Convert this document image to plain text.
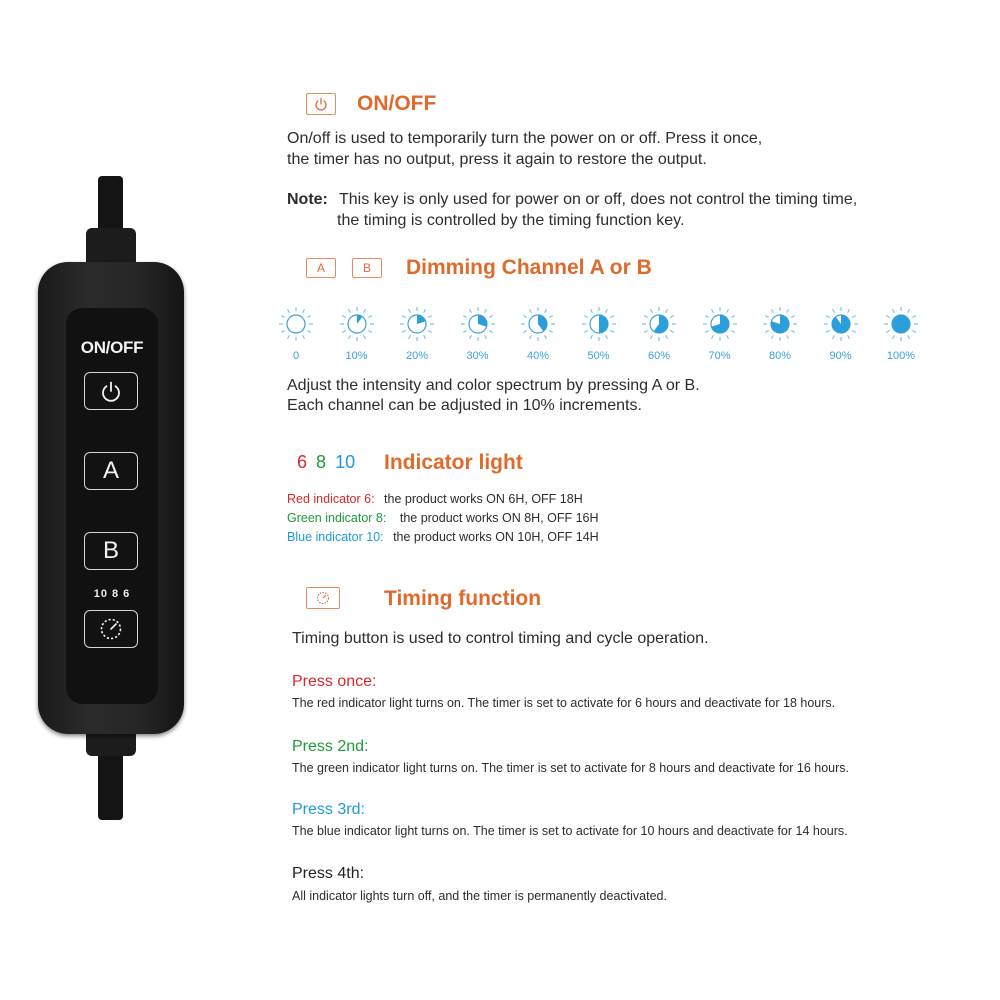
ON/OFF
A
B
10 8 6
ON/OFF
On/off is used to temporarily turn the power on or off. Press it once,
the timer has no output, press it again to restore the output.
Note: This key is only used for power on or off, does not control the timing time,
the timing is controlled by the timing function key.
A	B	Dimming Channel A or B
0	10%	20%	30%	40%	50%	60%	70%	80%	90%	100%
Adjust the intensity and color spectrum by pressing A or B.
Each channel can be adjusted in 10% increments.
6 8 10 Indicator light
Red indicator 6: the product works ON 6H, OFF 18H
Green indicator 8: the product works ON 8H, OFF 16H
Blue indicator 10: the product works ON 10H, OFF 14H
Timing function
Timing button is used to control timing and cycle operation.
Press once:
The red indicator light turns on. The timer is set to activate for 6 hours and deactivate for 18 hours.
Press 2nd:
The green indicator light turns on. The timer is set to activate for 8 hours and deactivate for 16 hours.
Press 3rd:
The blue indicator light turns on. The timer is set to activate for 10 hours and deactivate for 14 hours.
Press 4th:
All indicator lights turn off, and the timer is permanently deactivated.
